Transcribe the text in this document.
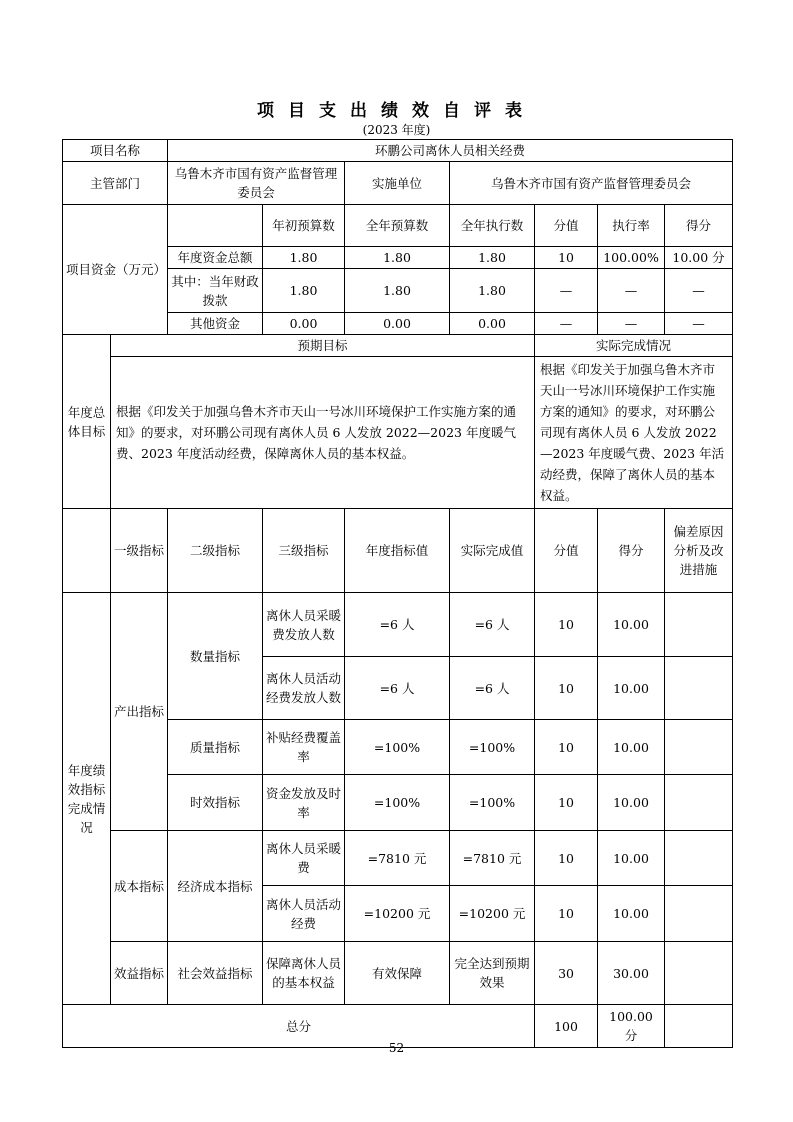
项目支出绩效自评表
(2023 年度)
项目名称		环鹏公司离休人员相关经费						
主管部门		乌鲁木齐市国有资产监督管理委员会		实施单位	乌鲁木齐市国有资产监督管理委员会			
项目资金（万元）			年初预算数	全年预算数	全年执行数	分值	执行率	得分
		年度资金总额	1.80	1.80	1.80	10	100.00%	10.00 分
		其中：当年财政拨款	1.80	1.80	1.80	—	—	—
		其他资金	0.00	0.00	0.00	—	—	—
年度总体目标	预期目标					实际完成情况		
	根据《印发关于加强乌鲁木齐市天山一号冰川环境保护工作实施方案的通知》的要求，对环鹏公司现有离休人员 6 人发放 2022—2023 年度暖气费、2023 年度活动经费，保障离休人员的基本权益。					根据《印发关于加强乌鲁木齐市天山一号冰川环境保护工作实施方案的通知》的要求，对环鹏公司现有离休人员 6 人发放 2022—2023 年度暖气费、2023 年活动经费，保障了离休人员的基本权益。		
	一级指标	二级指标	三级指标	年度指标值	实际完成值	分值	得分	偏差原因分析及改进措施
年度绩效指标完成情况	产出指标	数量指标	离休人员采暖费发放人数	=6 人	=6 人	10	10.00	
			离休人员活动经费发放人数	=6 人	=6 人	10	10.00	
		质量指标	补贴经费覆盖率	=100%	=100%	10	10.00	
		时效指标	资金发放及时率	=100%	=100%	10	10.00	
	成本指标	经济成本指标	离休人员采暖费	=7810 元	=7810 元	10	10.00	
			离休人员活动经费	=10200 元	=10200 元	10	10.00	
	效益指标	社会效益指标	保障离休人员的基本权益	有效保障	完全达到预期效果	30	30.00	
总分						100	100.00 分	
52
